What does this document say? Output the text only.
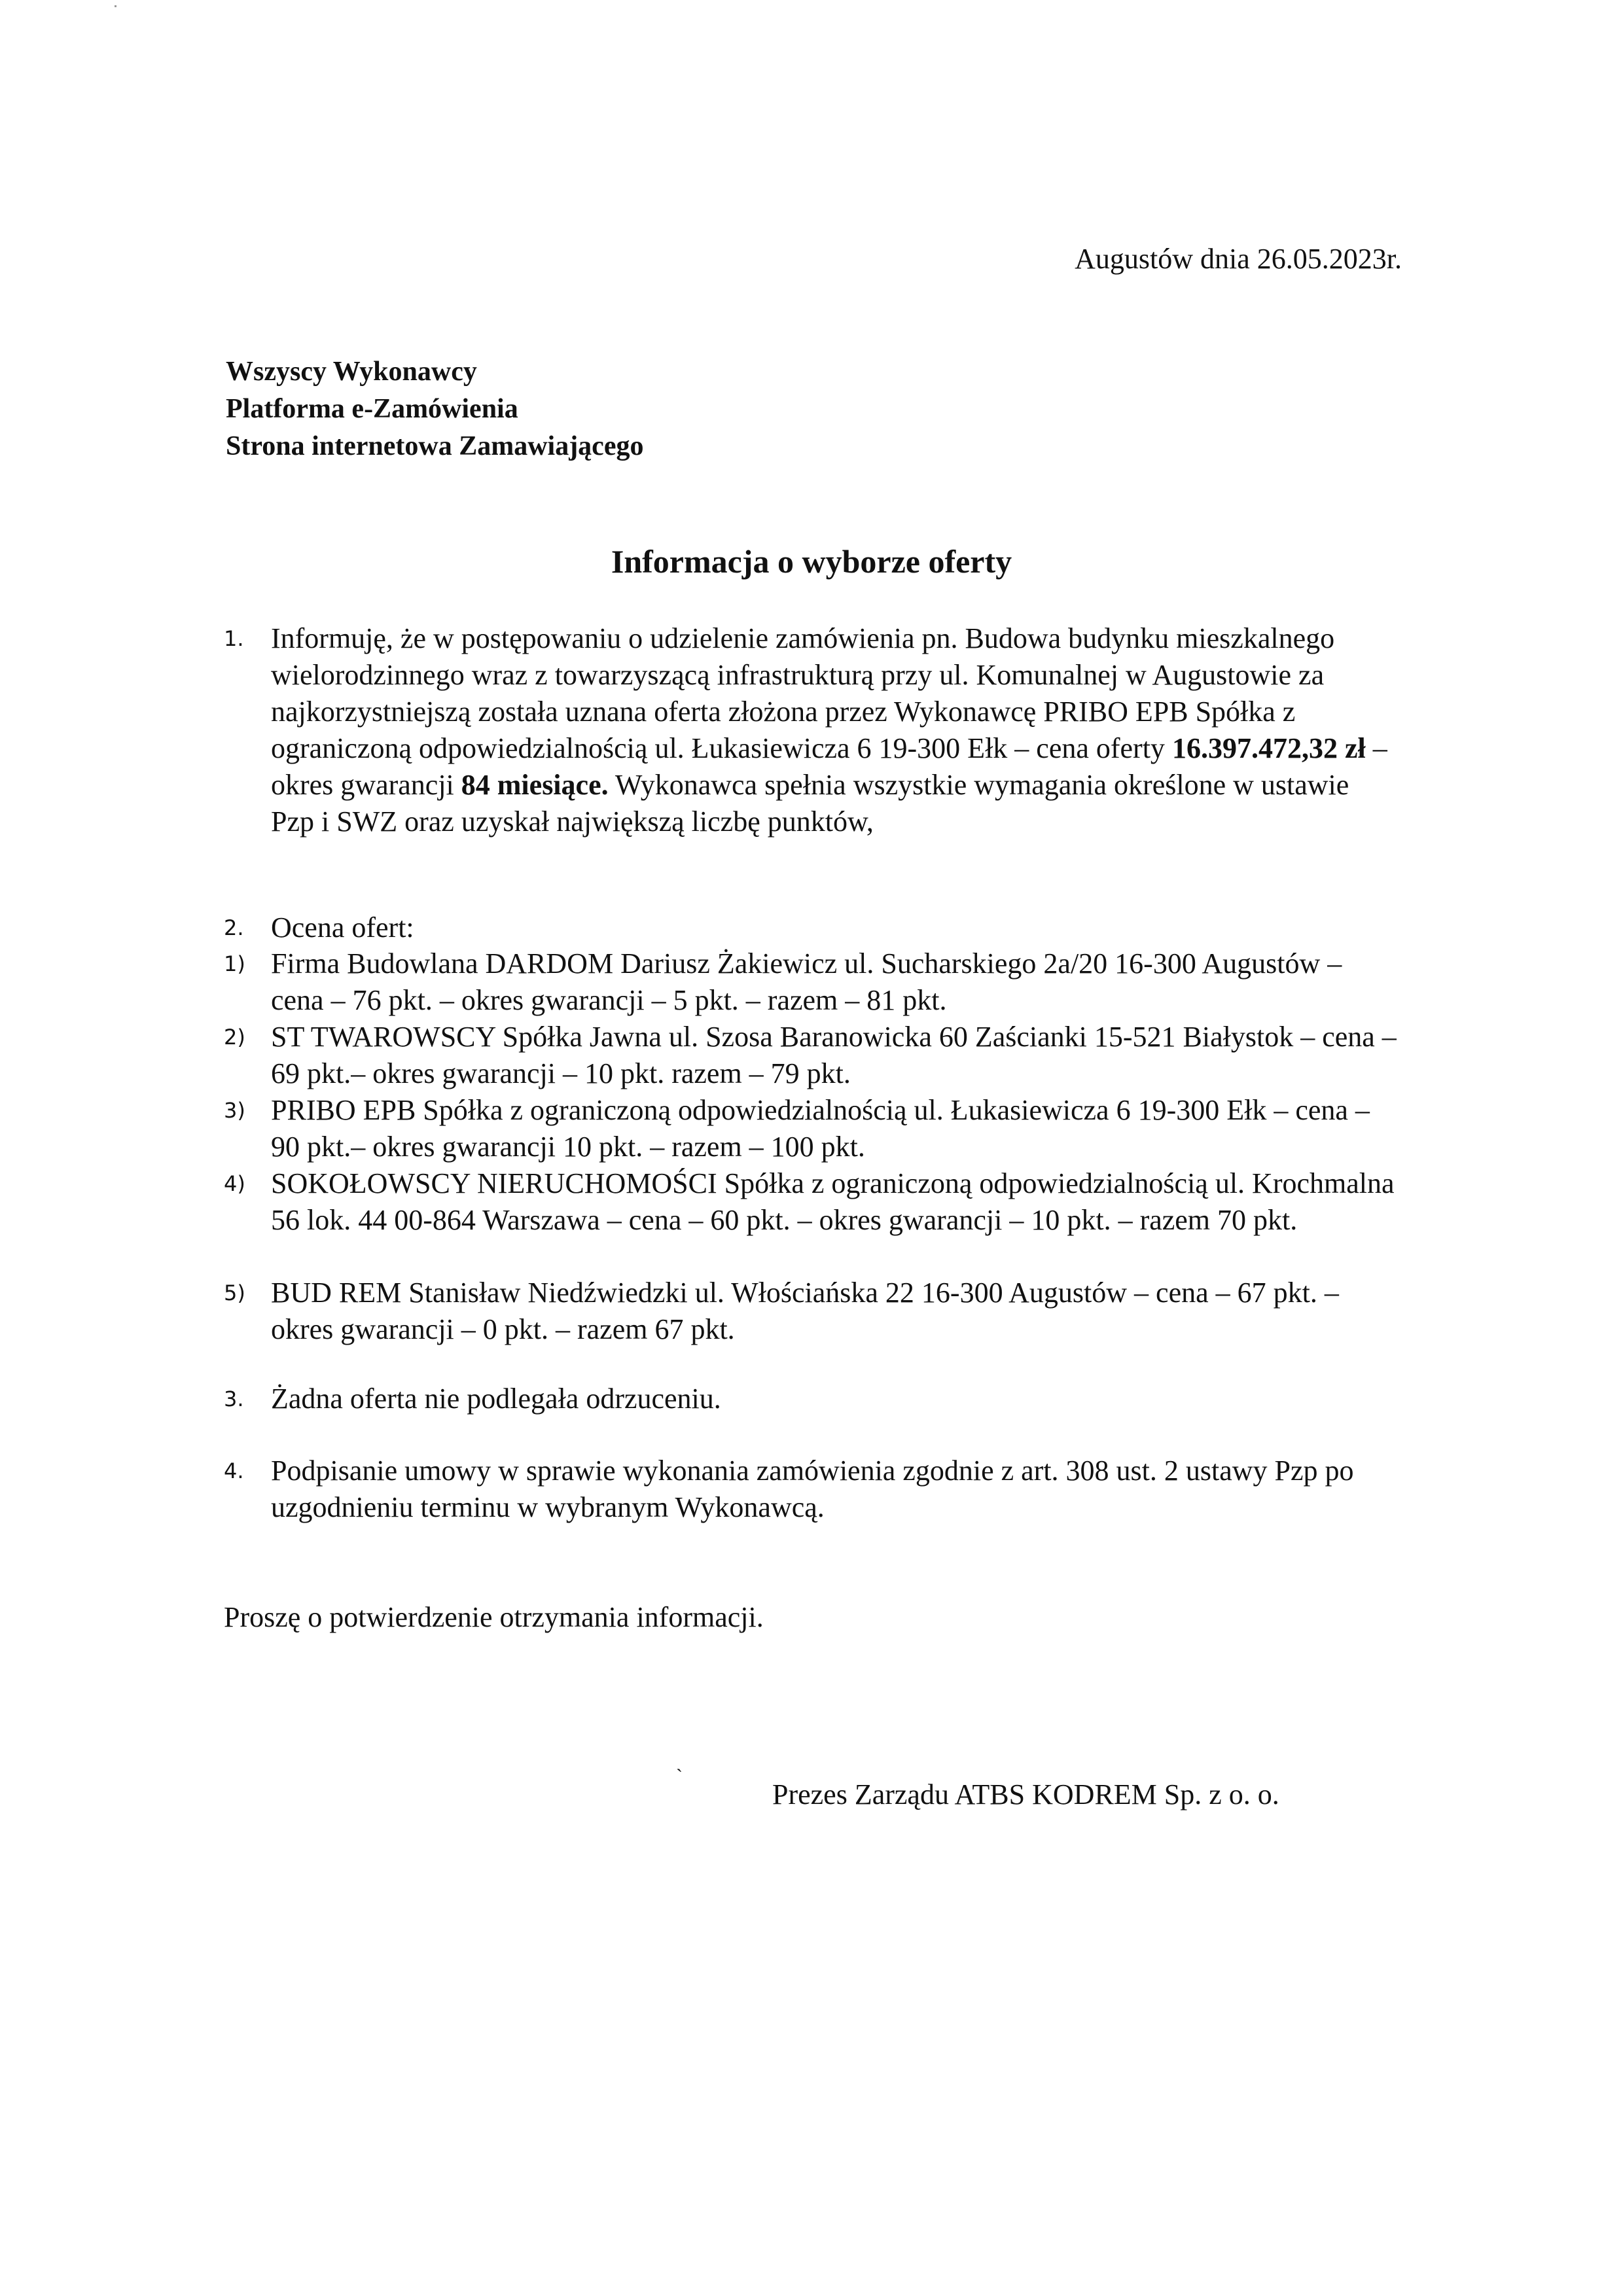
Augustów dnia 26.05.2023r.
Wszyscy Wykonawcy
Platforma e-Zamówienia
Strona internetowa Zamawiającego
Informacja o wyborze oferty
1. Informuję, że w postępowaniu o udzielenie zamówienia pn. Budowa budynku mieszkalnego wielorodzinnego wraz z towarzyszącą infrastrukturą przy ul. Komunalnej w Augustowie za najkorzystniejszą została uznana oferta złożona przez Wykonawcę PRIBO EPB Spółka z ograniczoną odpowiedzialnością ul. Łukasiewicza 6 19-300 Ełk – cena oferty 16.397.472,32 zł – okres gwarancji 84 miesiące. Wykonawca spełnia wszystkie wymagania określone w ustawie Pzp i SWZ oraz uzyskał największą liczbę punktów,
2. Ocena ofert:
1) Firma Budowlana DARDOM Dariusz Żakiewicz ul. Sucharskiego 2a/20 16-300 Augustów – cena – 76 pkt. – okres gwarancji – 5 pkt. – razem – 81 pkt.
2) ST TWAROWSCY Spółka Jawna ul. Szosa Baranowicka 60 Zaścianki 15-521 Białystok – cena – 69 pkt.– okres gwarancji – 10 pkt. razem – 79 pkt.
3) PRIBO EPB Spółka z ograniczoną odpowiedzialnością ul. Łukasiewicza 6 19-300 Ełk – cena – 90 pkt.– okres gwarancji 10 pkt. – razem – 100 pkt.
4) SOKOŁOWSCY NIERUCHOMOŚCI Spółka z ograniczoną odpowiedzialnością ul. Krochmalna 56 lok. 44 00-864 Warszawa – cena – 60 pkt. – okres gwarancji – 10 pkt. – razem 70 pkt.
5) BUD REM Stanisław Niedźwiedzki ul. Włościańska 22 16-300 Augustów – cena – 67 pkt. – okres gwarancji – 0 pkt. – razem 67 pkt.
3. Żadna oferta nie podlegała odrzuceniu.
4. Podpisanie umowy w sprawie wykonania zamówienia zgodnie z art. 308 ust. 2 ustawy Pzp po uzgodnieniu terminu w wybranym Wykonawcą.
Proszę o potwierdzenie otrzymania informacji.
`
Prezes Zarządu ATBS KODREM Sp. z o. o.
